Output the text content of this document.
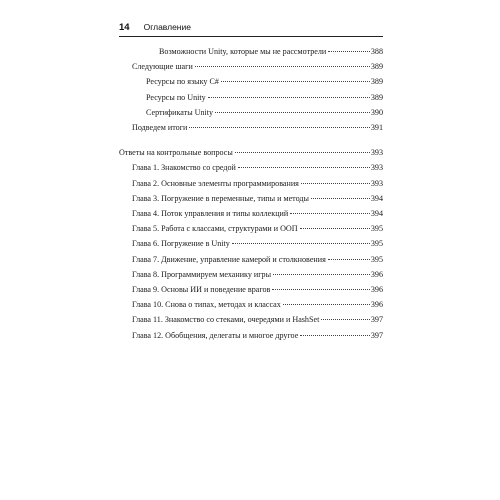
14 Оглавление
Возможности Unity, которые мы не рассмотрели	388
Следующие шаги	389
Ресурсы по языку C#	389
Ресурсы по Unity	389
Сертификаты Unity	390
Подведем итоги	391
Ответы на контрольные вопросы	393
Глава 1. Знакомство со средой	393
Глава 2. Основные элементы программирования	393
Глава 3. Погружение в переменные, типы и методы	394
Глава 4. Поток управления и типы коллекций	394
Глава 5. Работа с классами, структурами и ООП	395
Глава 6. Погружение в Unity	395
Глава 7. Движение, управление камерой и столкновения	395
Глава 8. Программируем механику игры	396
Глава 9. Основы ИИ и поведение врагов	396
Глава 10. Снова о типах, методах и классах	396
Глава 11. Знакомство со стеками, очередями и HashSet	397
Глава 12. Обобщения, делегаты и многое другое	397
